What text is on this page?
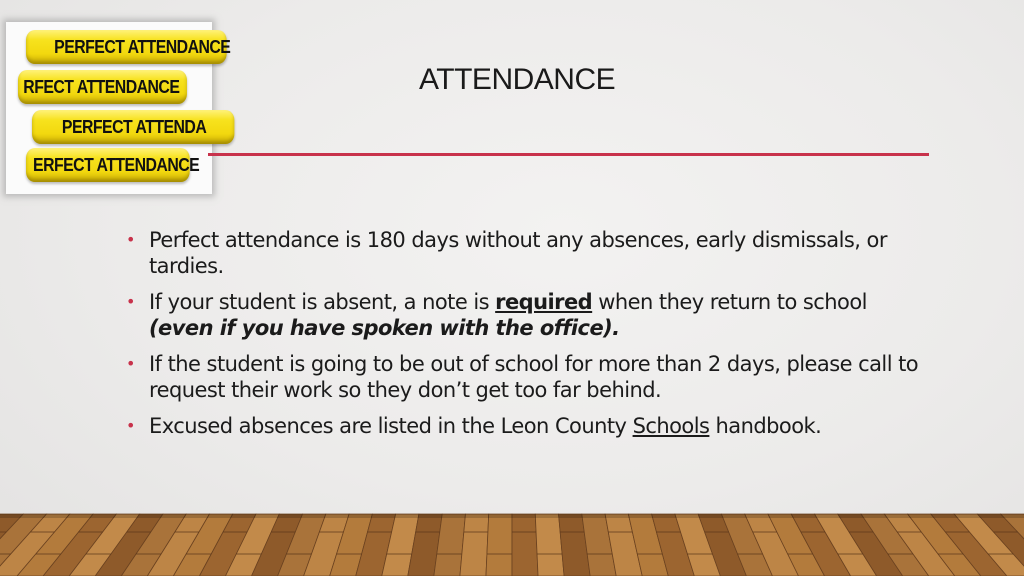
PERFECT ATTENDANCE
RFECT ATTENDANCE
PERFECT ATTENDA
ERFECT ATTENDANCE
ATTENDANCE
• Perfect attendance is 180 days without any absences, early dismissals, or tardies.
• If your student is absent, a note is required when they return to school (even if you have spoken with the office).
• If the student is going to be out of school for more than 2 days, please call to request their work so they don’t get too far behind.
• Excused absences are listed in the Leon County Schools handbook.
